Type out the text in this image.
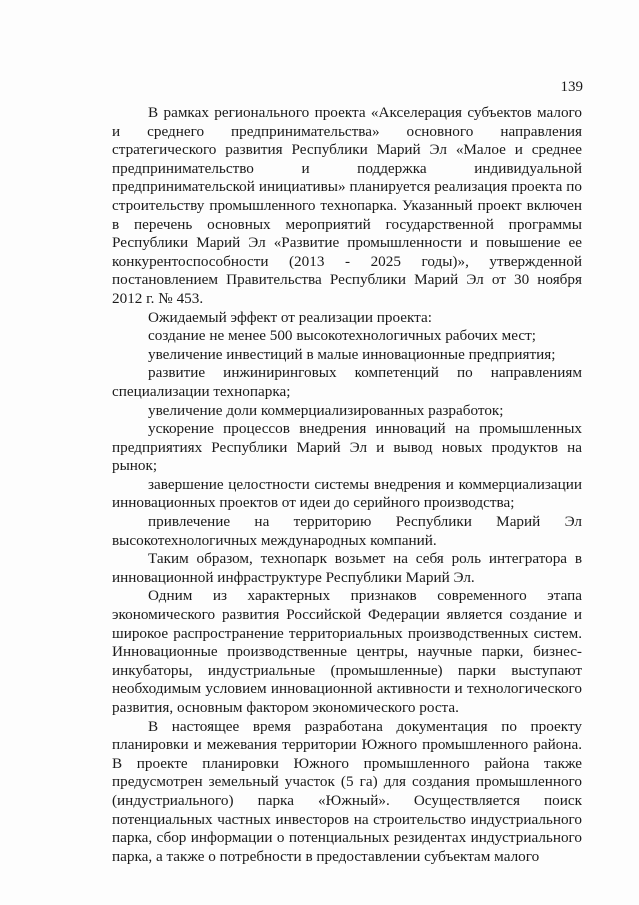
139

В рамках регионального проекта «Акселерация субъектов малого и среднего предпринимательства» основного направления стратегического развития Республики Марий Эл «Малое и среднее предпринимательство и поддержка индивидуальной предпринимательской инициативы» планируется реализация проекта по строительству промышленного технопарка. Указанный проект включен в перечень основных мероприятий государственной программы Республики Марий Эл «Развитие промышленности и повышение ее конкурентоспособности (2013 - 2025 годы)», утвержденной постановлением Правительства Республики Марий Эл от 30 ноября 2012 г. № 453.

Ожидаемый эффект от реализации проекта:

создание не менее 500 высокотехнологичных рабочих мест;

увеличение инвестиций в малые инновационные предприятия;

развитие инжиниринговых компетенций по направлениям специализации технопарка;

увеличение доли коммерциализированных разработок;

ускорение процессов внедрения инноваций на промышленных предприятиях Республики Марий Эл и вывод новых продуктов на рынок;

завершение целостности системы внедрения и коммерциализации инновационных проектов от идеи до серийного производства;

привлечение на территорию Республики Марий Эл высокотехнологичных международных компаний.

Таким образом, технопарк возьмет на себя роль интегратора в инновационной инфраструктуре Республики Марий Эл.

Одним из характерных признаков современного этапа экономического развития Российской Федерации является создание и широкое распространение территориальных производственных систем. Инновационные производственные центры, научные парки, бизнес-инкубаторы, индустриальные (промышленные) парки выступают необходимым условием инновационной активности и технологического развития, основным фактором экономического роста.

В настоящее время разработана документация по проекту планировки и межевания территории Южного промышленного района. В проекте планировки Южного промышленного района также предусмотрен земельный участок (5 га) для создания промышленного (индустриального) парка «Южный». Осуществляется поиск потенциальных частных инвесторов на строительство индустриального парка, сбор информации о потенциальных резидентах индустриального парка, а также о потребности в предоставлении субъектам малого
